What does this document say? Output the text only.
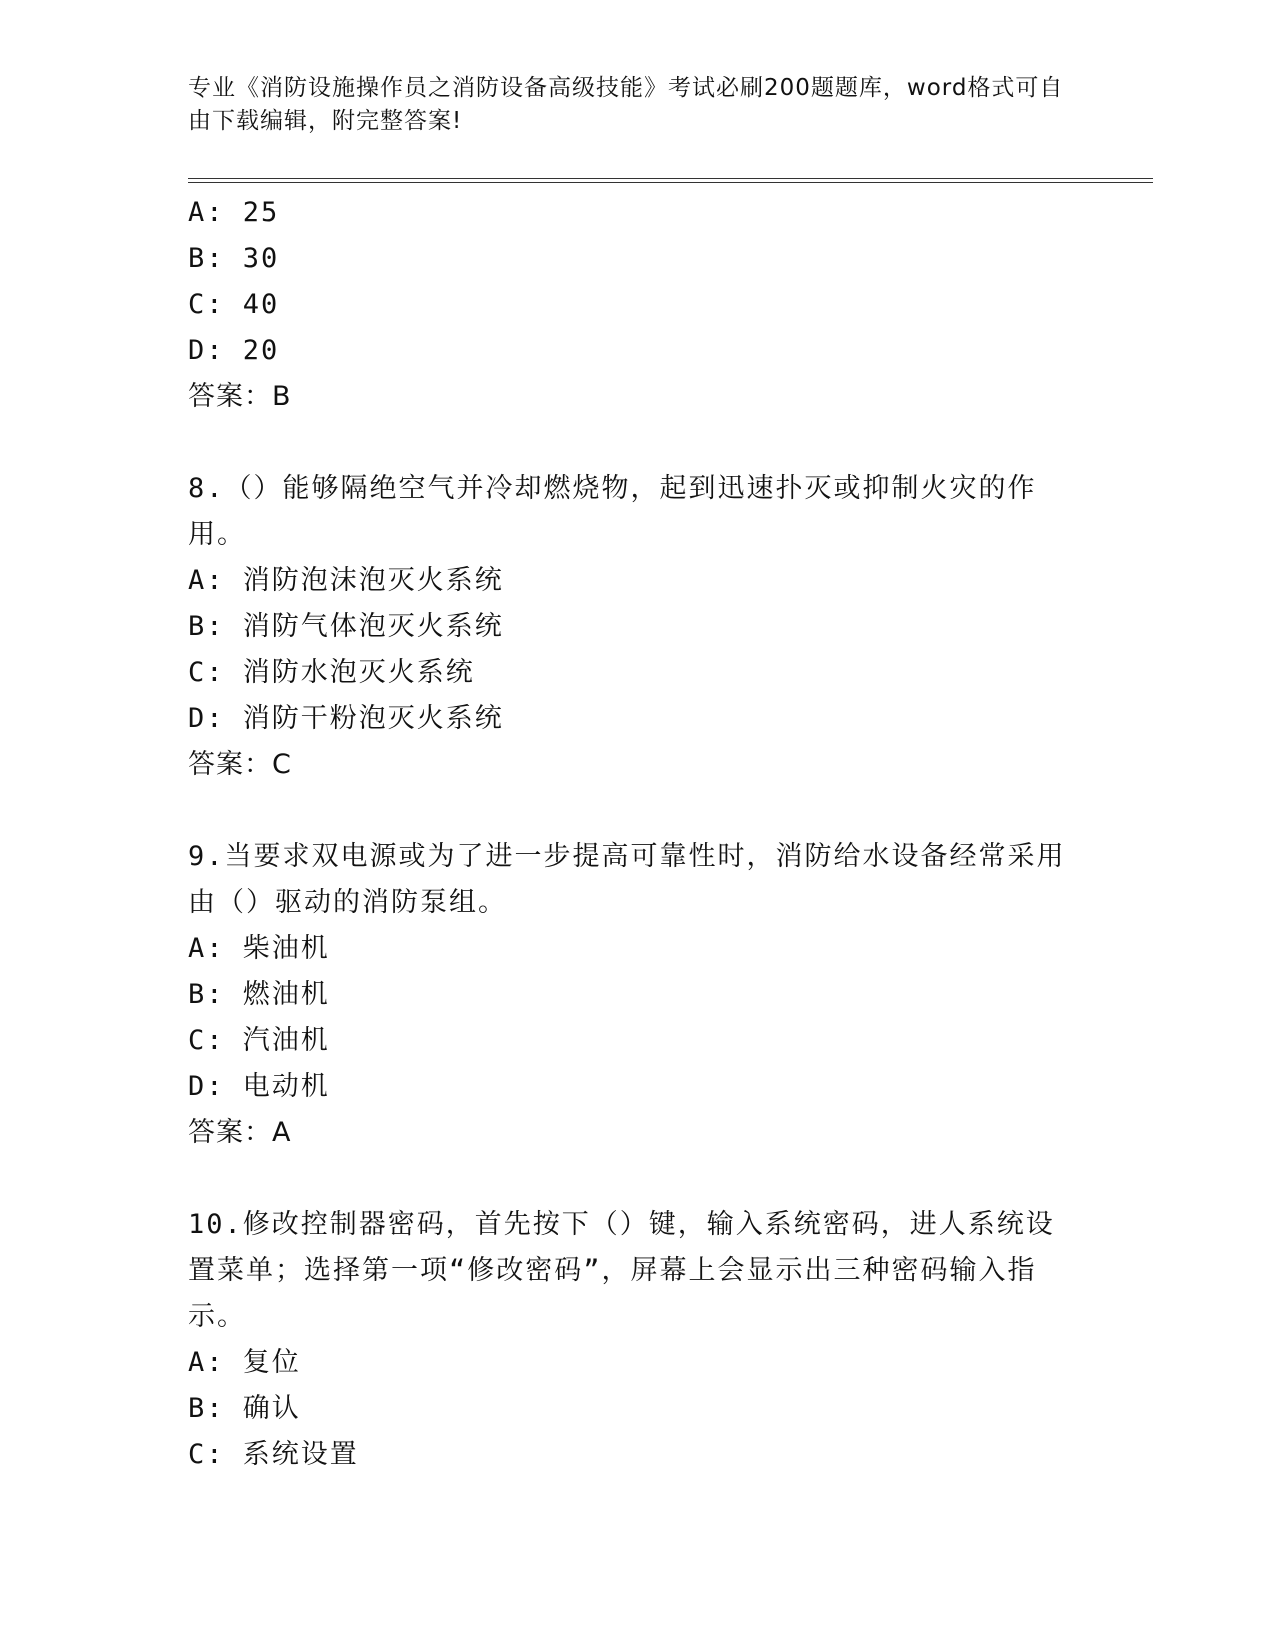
专业《消防设施操作员之消防设备高级技能》考试必刷200题题库，word格式可自由下载编辑，附完整答案!
A: 25
B: 30
C: 40
D: 20
答案：B
8.（）能够隔绝空气并冷却燃烧物，起到迅速扑灭或抑制火灾的作用。
A: 消防泡沫泡灭火系统
B: 消防气体泡灭火系统
C: 消防水泡灭火系统
D: 消防干粉泡灭火系统
答案：C
9.当要求双电源或为了进一步提高可靠性时，消防给水设备经常采用由（）驱动的消防泵组。
A: 柴油机
B: 燃油机
C: 汽油机
D: 电动机
答案：A
10.修改控制器密码，首先按下（）键，输入系统密码，进人系统设置菜单；选择第一项“修改密码”，屏幕上会显示出三种密码输入指示。
A: 复位
B: 确认
C: 系统设置
